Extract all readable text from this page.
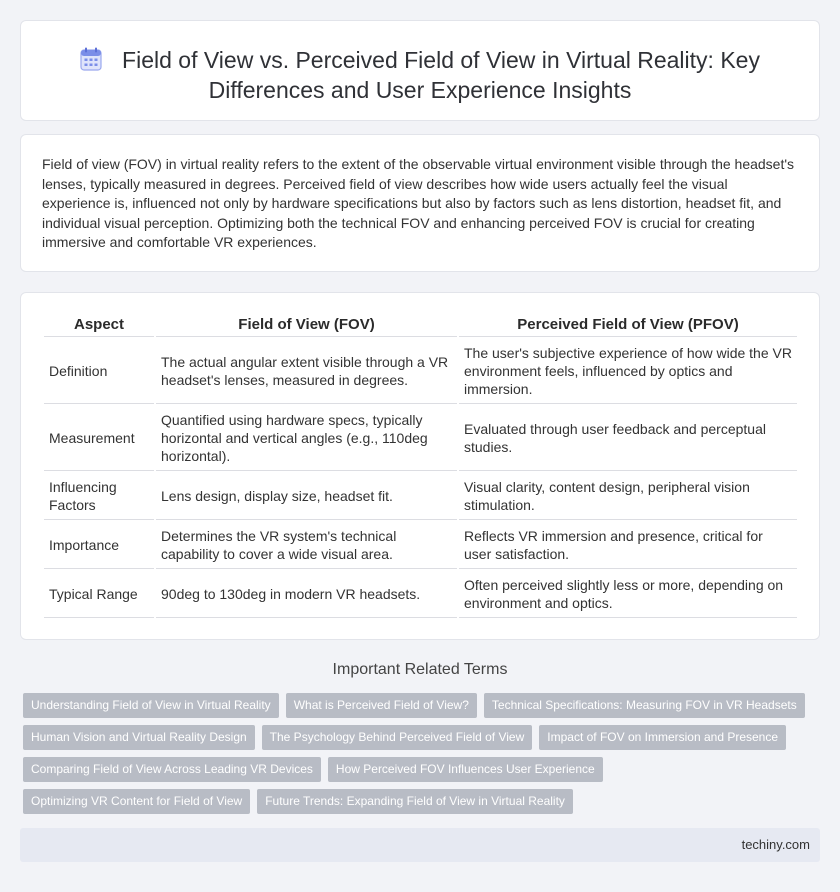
Field of View vs. Perceived Field of View in Virtual Reality: Key Differences and User Experience Insights

Field of view (FOV) in virtual reality refers to the extent of the observable virtual environment visible through the headset's lenses, typically measured in degrees. Perceived field of view describes how wide users actually feel the visual experience is, influenced not only by hardware specifications but also by factors such as lens distortion, headset fit, and individual visual perception. Optimizing both the technical FOV and enhancing perceived FOV is crucial for creating immersive and comfortable VR experiences.

Aspect	Field of View (FOV)	Perceived Field of View (PFOV)
Definition	The actual angular extent visible through a VR headset's lenses, measured in degrees.	The user's subjective experience of how wide the VR environment feels, influenced by optics and immersion.
Measurement	Quantified using hardware specs, typically horizontal and vertical angles (e.g., 110deg horizontal).	Evaluated through user feedback and perceptual studies.
Influencing Factors	Lens design, display size, headset fit.	Visual clarity, content design, peripheral vision stimulation.
Importance	Determines the VR system's technical capability to cover a wide visual area.	Reflects VR immersion and presence, critical for user satisfaction.
Typical Range	90deg to 130deg in modern VR headsets.	Often perceived slightly less or more, depending on environment and optics.
Important Related Terms
Understanding Field of View in Virtual Reality	What is Perceived Field of View?	Technical Specifications: Measuring FOV in VR Headsets
Human Vision and Virtual Reality Design	The Psychology Behind Perceived Field of View	Impact of FOV on Immersion and Presence
Comparing Field of View Across Leading VR Devices	How Perceived FOV Influences User Experience
Optimizing VR Content for Field of View	Future Trends: Expanding Field of View in Virtual Reality
techiny.com
